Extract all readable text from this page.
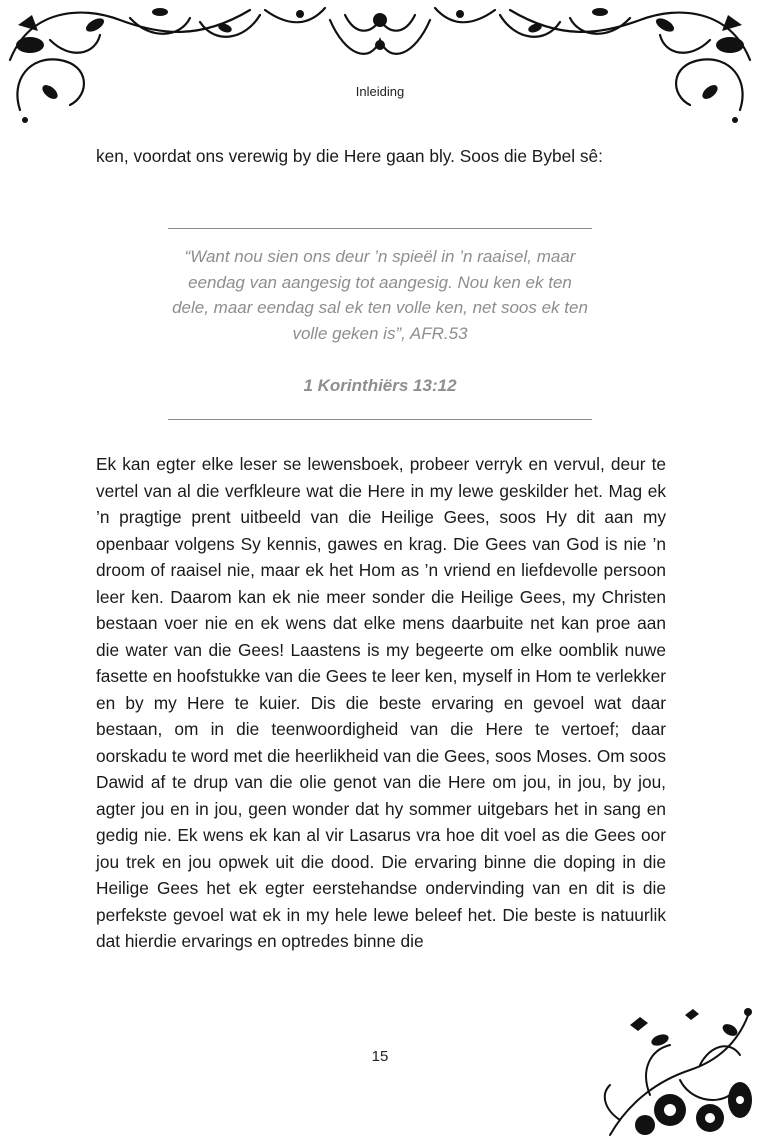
Inleiding
ken, voordat ons verewig by die Here gaan bly. Soos die Bybel sê:
“Want nou sien ons deur ’n spieël in ’n raaisel, maar eendag van aangesig tot aangesig. Nou ken ek ten dele, maar eendag sal ek ten volle ken, net soos ek ten volle geken is”, AFR.53
1 Korinthiërs 13:12
Ek kan egter elke leser se lewensboek, probeer verryk en vervul, deur te vertel van al die verfkleure wat die Here in my lewe geskilder het. Mag ek ’n pragtige prent uitbeeld van die Heilige Gees, soos Hy dit aan my openbaar volgens Sy kennis, gawes en krag. Die Gees van God is nie ’n droom of raaisel nie, maar ek het Hom as ’n vriend en liefdevolle persoon leer ken. Daarom kan ek nie meer sonder die Heilige Gees, my Christen bestaan voer nie en ek wens dat elke mens daarbuite net kan proe aan die water van die Gees! Laastens is my begeerte om elke oomblik nuwe fasette en hoofstukke van die Gees te leer ken, myself in Hom te verlekker en by my Here te kuier. Dis die beste ervaring en gevoel wat daar bestaan, om in die teenwoordigheid van die Here te vertoef; daar oorskadu te word met die heerlikheid van die Gees, soos Moses. Om soos Dawid af te drup van die olie genot van die Here om jou, in jou, by jou, agter jou en in jou, geen wonder dat hy sommer uitgebars het in sang en gedig nie. Ek wens ek kan al vir Lasarus vra hoe dit voel as die Gees oor jou trek en jou opwek uit die dood. Die ervaring binne die doping in die Heilige Gees het ek egter eerstehandse ondervinding van en dit is die perfekste gevoel wat ek in my hele lewe beleef het. Die beste is natuurlik dat hierdie ervarings en optredes binne die
15
